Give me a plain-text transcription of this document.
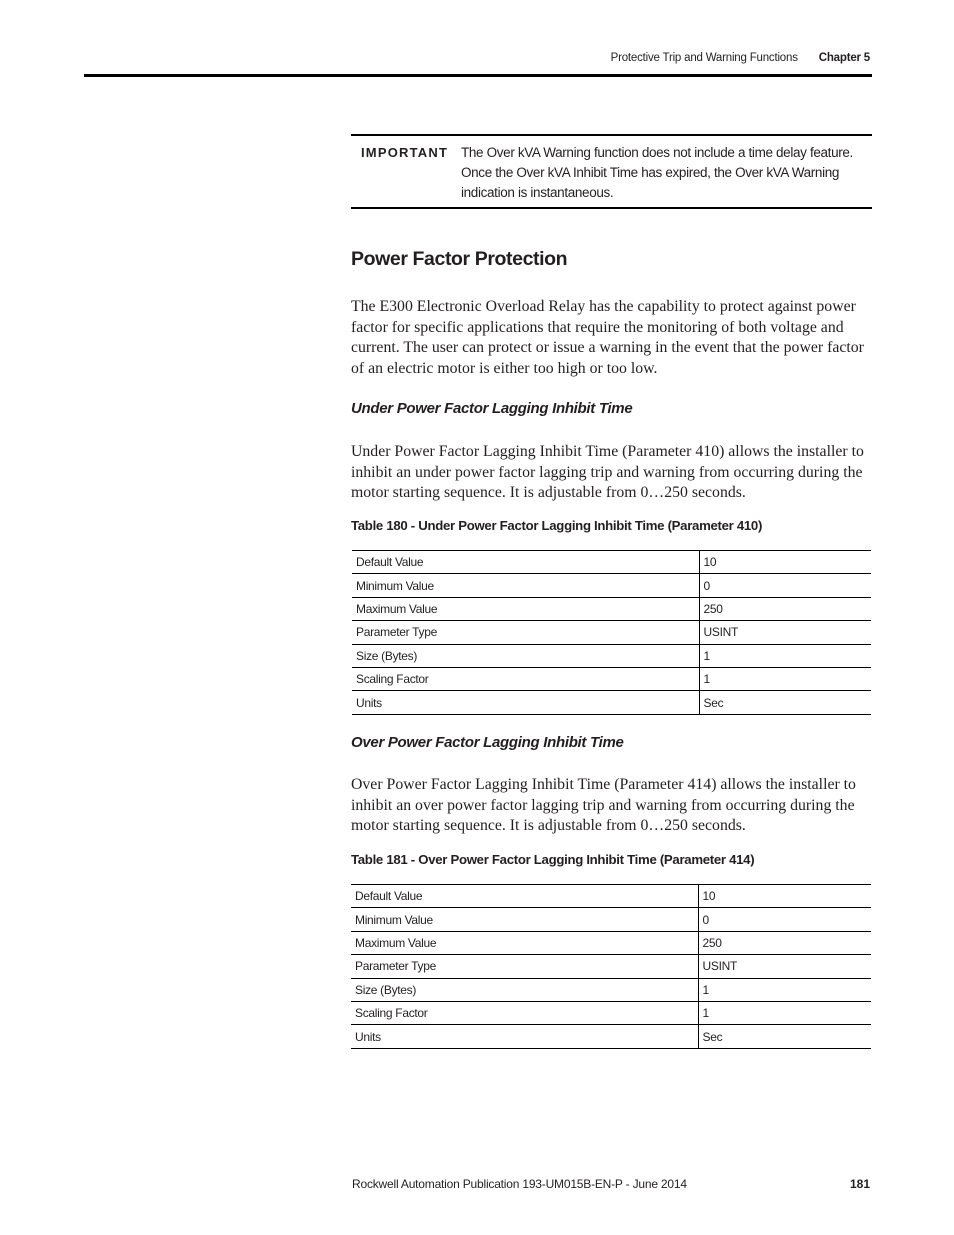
Protective Trip and Warning Functions Chapter 5
IMPORTANT The Over kVA Warning function does not include a time delay feature. Once the Over kVA Inhibit Time has expired, the Over kVA Warning indication is instantaneous.
Power Factor Protection

The E300 Electronic Overload Relay has the capability to protect against power factor for specific applications that require the monitoring of both voltage and current. The user can protect or issue a warning in the event that the power factor of an electric motor is either too high or too low.

Under Power Factor Lagging Inhibit Time

Under Power Factor Lagging Inhibit Time (Parameter 410) allows the installer to inhibit an under power factor lagging trip and warning from occurring during the motor starting sequence. It is adjustable from 0…250 seconds.

Table 180 - Under Power Factor Lagging Inhibit Time (Parameter 410)

Default Value	10
Minimum Value	0
Maximum Value	250
Parameter Type	USINT
Size (Bytes)	1
Scaling Factor	1
Units	Sec
Over Power Factor Lagging Inhibit Time

Over Power Factor Lagging Inhibit Time (Parameter 414) allows the installer to inhibit an over power factor lagging trip and warning from occurring during the motor starting sequence. It is adjustable from 0…250 seconds.

Table 181 - Over Power Factor Lagging Inhibit Time (Parameter 414)

Default Value	10
Minimum Value	0
Maximum Value	250
Parameter Type	USINT
Size (Bytes)	1
Scaling Factor	1
Units	Sec
Rockwell Automation Publication 193-UM015B-EN-P - June 2014	181
